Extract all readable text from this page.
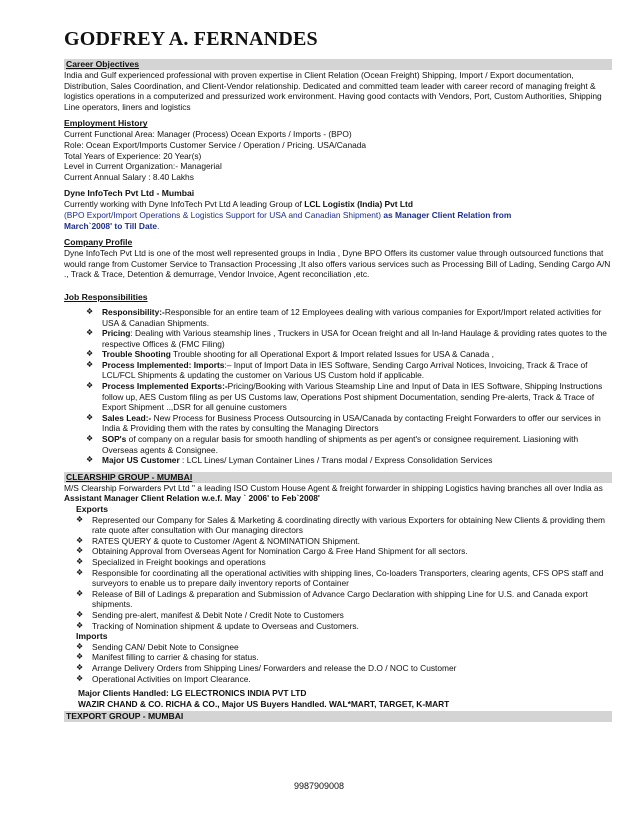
GODFREY A. FERNANDES
Career Objectives
India and Gulf experienced professional with proven expertise in Client Relation (Ocean Freight) Shipping, Import / Export documentation, Distribution, Sales Coordination, and Client-Vendor relationship. Dedicated and committed team leader with career record of managing freight & logistics operations in a computerized and pressurized work environment. Having good contacts with Vendors, Port, Custom Authorities, Shipping Line operators, liners and logistics
Employment History
Current Functional Area: Manager (Process) Ocean Exports / Imports - (BPO)
Role: Ocean Export/Imports Customer Service / Operation / Pricing. USA/Canada
Total Years of Experience: 20 Year(s)
Level in Current Organization:- Managerial
Current Annual Salary : 8.40 Lakhs
Dyne InfoTech Pvt Ltd - Mumbai
Currently working with Dyne InfoTech Pvt Ltd A leading Group of LCL Logistix (India) Pvt Ltd
(BPO Export/Import Operations & Logistics Support for USA and Canadian Shipment) as Manager Client Relation from
March`2008' to Till Date.
Company Profile
Dyne InfoTech Pvt Ltd is one of the most well represented groups in India , Dyne BPO Offers its customer value through outsourced functions that would range from Customer Service to Transaction Processing ,It also offers various services such as Processing Bill of Lading, Sending Cargo A/N ., Track & Trace, Detention & demurrage, Vendor Invoice, Agent reconciliation ,etc.
Job Responsibilities
❖ Responsibility:-Responsible for an entire team of 12 Employees dealing with various companies for Export/Import related activities for USA & Canadian Shipments.
❖ Pricing: Dealing with Various steamship lines , Truckers in USA for Ocean freight and all In-land Haulage & providing rates quotes to the respective Offices & (FMC Filing)
❖ Trouble Shooting Trouble shooting for all Operational Export & Import related Issues for USA & Canada ,
❖ Process Implemented: Imports:– Input of Import Data in IES Software, Sending Cargo Arrival Notices, Invoicing, Track & Trace of LCL/FCL Shipments & updating the customer on Various US Custom hold if applicable.
❖ Process Implemented Exports:-Pricing/Booking with Various Steamship Line and Input of Data in IES Software, Shipping Instructions follow up, AES Custom filing as per US Customs law, Operations Post shipment Documentation, sending Pre-alerts, Track & Trace of Export Shipment ..,DSR for all genuine customers
❖ Sales Lead:- New Process for Business Process Outsourcing in USA/Canada by contacting Freight Forwarders to offer our services in India & Providing them with the rates by consulting the Managing Directors
❖ SOP's of company on a regular basis for smooth handling of shipments as per agent's or consignee requirement. Liasioning with Overseas agents & Consignee.
❖ Major US Customer : LCL Lines/ Lyman Container Lines / Trans modal / Express Consolidation Services
CLEARSHIP GROUP - MUMBAI
M/S Clearship Forwarders Pvt Ltd " a leading ISO Custom House Agent & freight forwarder in shipping Logistics having branches all over India as Assistant Manager Client Relation w.e.f. May ` 2006' to Feb`2008'
Exports
❖ Represented our Company for Sales & Marketing & coordinating directly with various Exporters for obtaining New Clients & providing them rate quote after consultation with Our managing directors
❖ RATES QUERY & quote to Customer /Agent & NOMINATION Shipment.
❖ Obtaining Approval from Overseas Agent for Nomination Cargo & Free Hand Shipment for all sectors.
❖ Specialized in Freight bookings and operations
❖ Responsible for coordinating all the operational activities with shipping lines, Co-loaders Transporters, clearing agents, CFS OPS staff and surveyors to enable us to prepare daily inventory reports of Container
❖ Release of Bill of Ladings & preparation and Submission of Advance Cargo Declaration with shipping Line for U.S. and Canada export shipments.
❖ Sending pre-alert, manifest & Debit Note / Credit Note to Customers
❖ Tracking of Nomination shipment & update to Overseas and Customers.
Imports
❖ Sending CAN/ Debit Note to Consignee
❖ Manifest filling to carrier & chasing for status.
❖ Arrange Delivery Orders from Shipping Lines/ Forwarders and release the D.O / NOC to Customer
❖ Operational Activities on Import Clearance.
Major Clients Handled: LG ELECTRONICS INDIA PVT LTD
WAZIR CHAND & CO. RICHA & CO., Major US Buyers Handled. WAL*MART, TARGET, K-MART
TEXPORT GROUP - MUMBAI
9987909008
